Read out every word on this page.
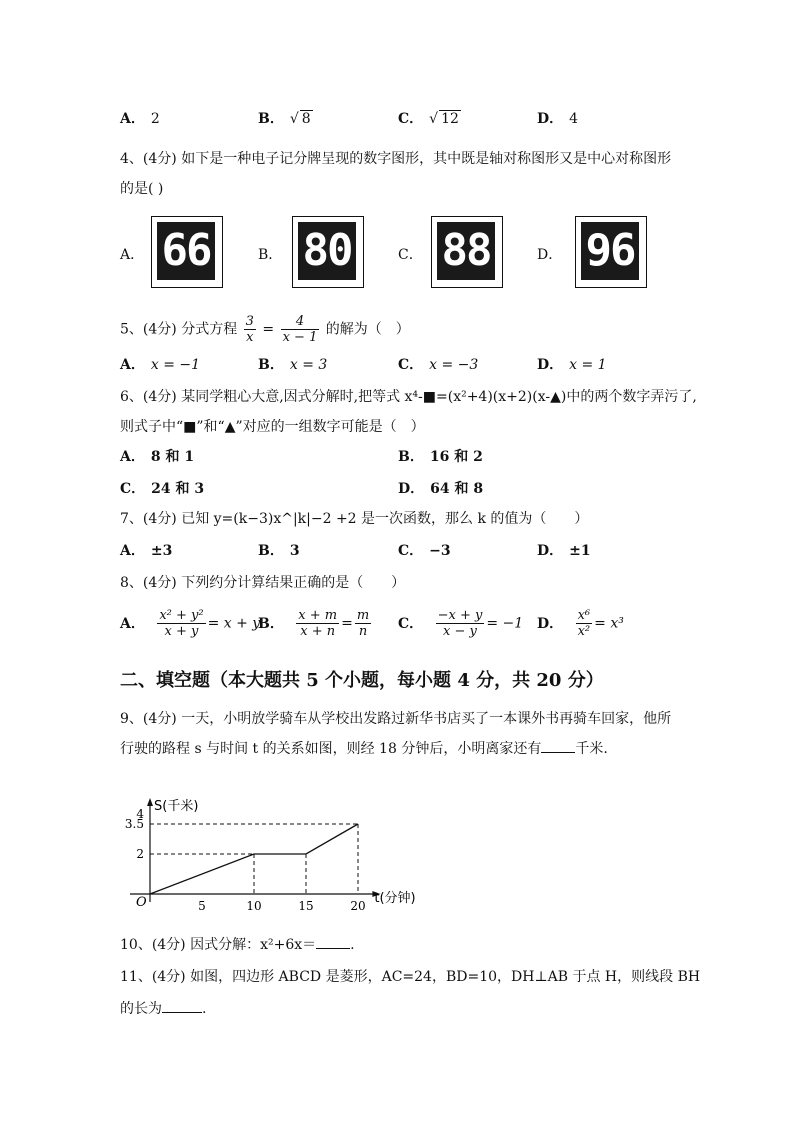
A． 2	B． √ 8	C． √ 12	D． 4
4、(4分) 如下是一种电子记分牌呈现的数字图形，其中既是轴对称图形又是中心对称图形
的是( )
A． 66	B． 80	C． 88	D． 96
5、(4分) 分式方程 $\frac{3}{x} = \frac{4}{x - 1}$ 的解为（　）
A． x = −1	B． x = 3	C． x = −3	D． x = 1
6、(4分) 某同学粗心大意,因式分解时,把等式 x⁴-■=(x²+4)(x+2)(x-▲)中的两个数字弄污了,
则式子中“■”和“▲”对应的一组数字可能是（　）
A． 8 和 1	B． 16 和 2
C． 24 和 3	D． 64 和 8
7、(4分) 已知 y=(k−3)x^|k|−2 +2 是一次函数，那么 k 的值为（　　）
A． ±3	B． 3	C． −3	D． ±1
8、(4分) 下列约分计算结果正确的是（　　）
A． $\frac{\text{x² + y²}}{x + y} = x + y$
B． $\frac{x + m}{x + n} = \frac{m}{n}$ C． $\frac{-x + y}{x - y} = -1$ D． $\frac{\text{x⁶}}{\text{x²}} = x^3$
二、填空题（本大题共 5 个小题，每小题 4 分，共 20 分）
9、(4分) 一天，小明放学骑车从学校出发路过新华书店买了一本课外书再骑车回家，他所
行驶的路程 s 与时间 t 的关系如图，则经 18 分钟后，小明离家还有 千米.
S(千米)
t(分钟)
O	5	10	15	20
2
3.5
4
10、(4分) 因式分解：x²+6x＝ .
11、(4分) 如图，四边形 ABCD 是菱形，AC=24，BD=10，DH⊥AB 于点 H，则线段 BH
的长为	.
